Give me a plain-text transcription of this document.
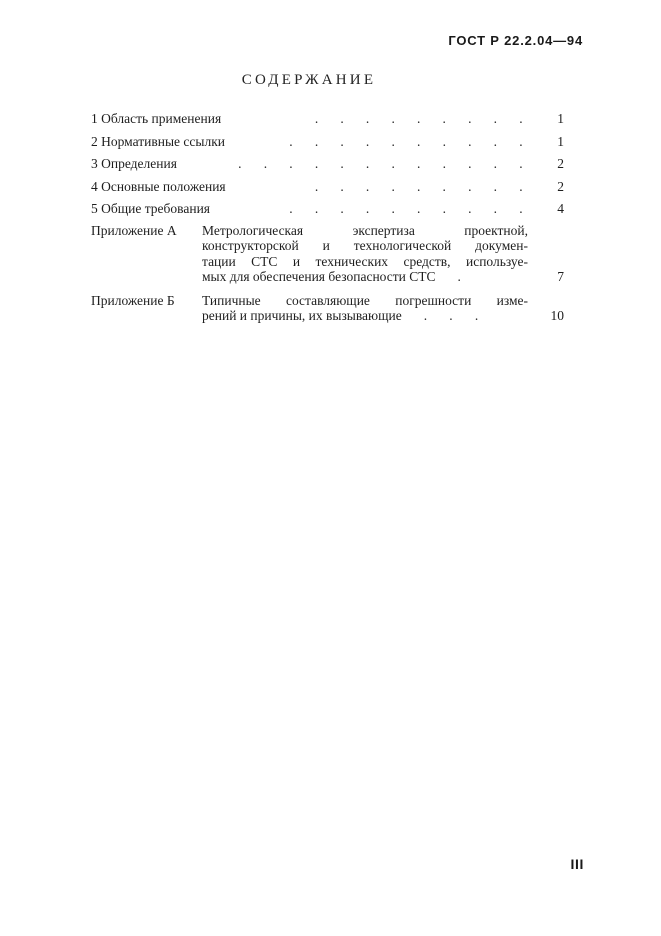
ГОСТ Р 22.2.04—94
СОДЕРЖАНИЕ
1 Область применения	. . . . . . . . . 1
2 Нормативные ссылки	. . . . . . . . . . 1
3 Определения	. . . . . . . . . . . . 2
4 Основные положения	. . . . . . . . . 2
5 Общие требования	. . . . . . . . . . 4
Приложение А Метрологическая экспертиза проектной,
конструкторской и технологической докумен-
тации СТС и технических средств, используе-
мых для обеспечения безопасности СТС .	7
Приложение Б Типичные составляющие погрешности изме-
рений и причины, их вызывающие . . .	10
III
